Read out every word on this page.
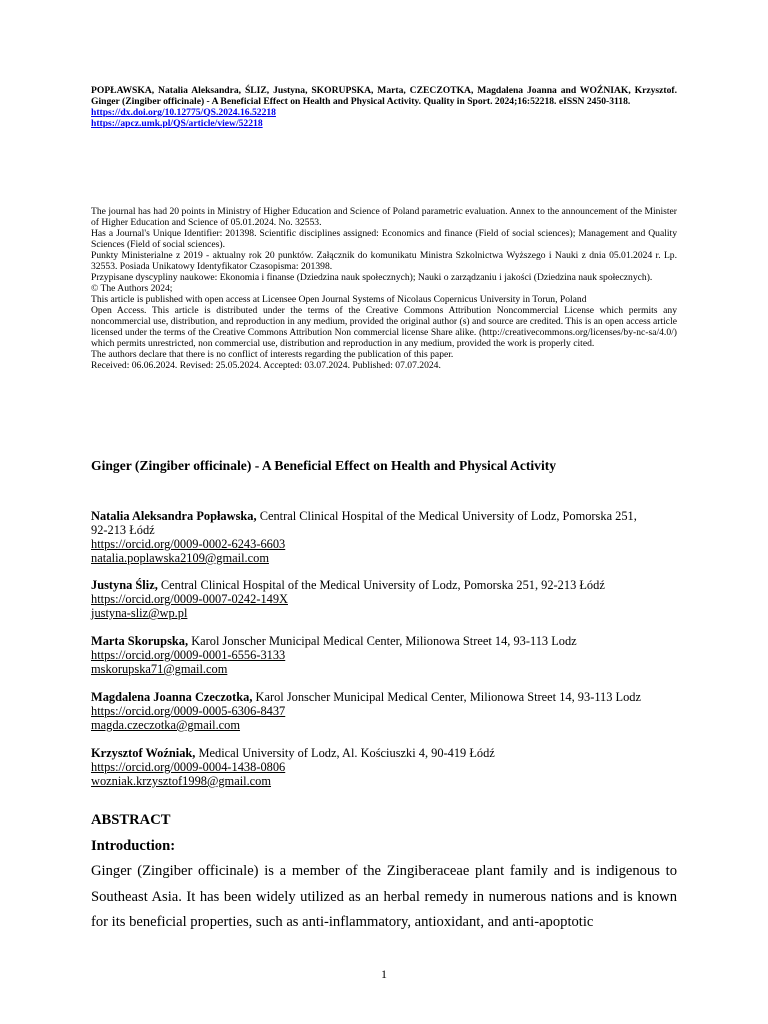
POPŁAWSKA, Natalia Aleksandra, ŚLIZ, Justyna, SKORUPSKA, Marta, CZECZOTKA, Magdalena Joanna and WOŹNIAK, Krzysztof. Ginger (Zingiber officinale) - A Beneficial Effect on Health and Physical Activity. Quality in Sport. 2024;16:52218. eISSN 2450-3118.
https://dx.doi.org/10.12775/QS.2024.16.52218
https://apcz.umk.pl/QS/article/view/52218
The journal has had 20 points in Ministry of Higher Education and Science of Poland parametric evaluation. Annex to the announcement of the Minister of Higher Education and Science of 05.01.2024. No. 32553.
Has a Journal's Unique Identifier: 201398. Scientific disciplines assigned: Economics and finance (Field of social sciences); Management and Quality Sciences (Field of social sciences).
Punkty Ministerialne z 2019 - aktualny rok 20 punktów. Załącznik do komunikatu Ministra Szkolnictwa Wyższego i Nauki z dnia 05.01.2024 r. Lp. 32553. Posiada Unikatowy Identyfikator Czasopisma: 201398.
Przypisane dyscypliny naukowe: Ekonomia i finanse (Dziedzina nauk społecznych); Nauki o zarządzaniu i jakości (Dziedzina nauk społecznych).
© The Authors 2024;
This article is published with open access at Licensee Open Journal Systems of Nicolaus Copernicus University in Torun, Poland
Open Access. This article is distributed under the terms of the Creative Commons Attribution Noncommercial License which permits any noncommercial use, distribution, and reproduction in any medium, provided the original author (s) and source are credited. This is an open access article licensed under the terms of the Creative Commons Attribution Non commercial license Share alike. (http://creativecommons.org/licenses/by-nc-sa/4.0/) which permits unrestricted, non commercial use, distribution and reproduction in any medium, provided the work is properly cited.
The authors declare that there is no conflict of interests regarding the publication of this paper.
Received: 06.06.2024. Revised: 25.05.2024. Accepted: 03.07.2024. Published: 07.07.2024.
Ginger (Zingiber officinale) - A Beneficial Effect on Health and Physical Activity
Natalia Aleksandra Popławska, Central Clinical Hospital of the Medical University of Lodz, Pomorska 251,
92-213 Łódź
https://orcid.org/0009-0002-6243-6603
natalia.poplawska2109@gmail.com
Justyna Śliz, Central Clinical Hospital of the Medical University of Lodz, Pomorska 251, 92-213 Łódź
https://orcid.org/0009-0007-0242-149X
justyna-sliz@wp.pl
Marta Skorupska, Karol Jonscher Municipal Medical Center, Milionowa Street 14, 93-113 Lodz
https://orcid.org/0009-0001-6556-3133
mskorupska71@gmail.com
Magdalena Joanna Czeczotka, Karol Jonscher Municipal Medical Center, Milionowa Street 14, 93-113 Lodz
https://orcid.org/0009-0005-6306-8437
magda.czeczotka@gmail.com
Krzysztof Woźniak, Medical University of Lodz, Al. Kościuszki 4, 90-419 Łódź
https://orcid.org/0009-0004-1438-0806
wozniak.krzysztof1998@gmail.com
ABSTRACT
Introduction:
Ginger (Zingiber officinale) is a member of the Zingiberaceae plant family and is indigenous to Southeast Asia. It has been widely utilized as an herbal remedy in numerous nations and is known for its beneficial properties, such as anti-inflammatory, antioxidant, and anti-apoptotic
1
